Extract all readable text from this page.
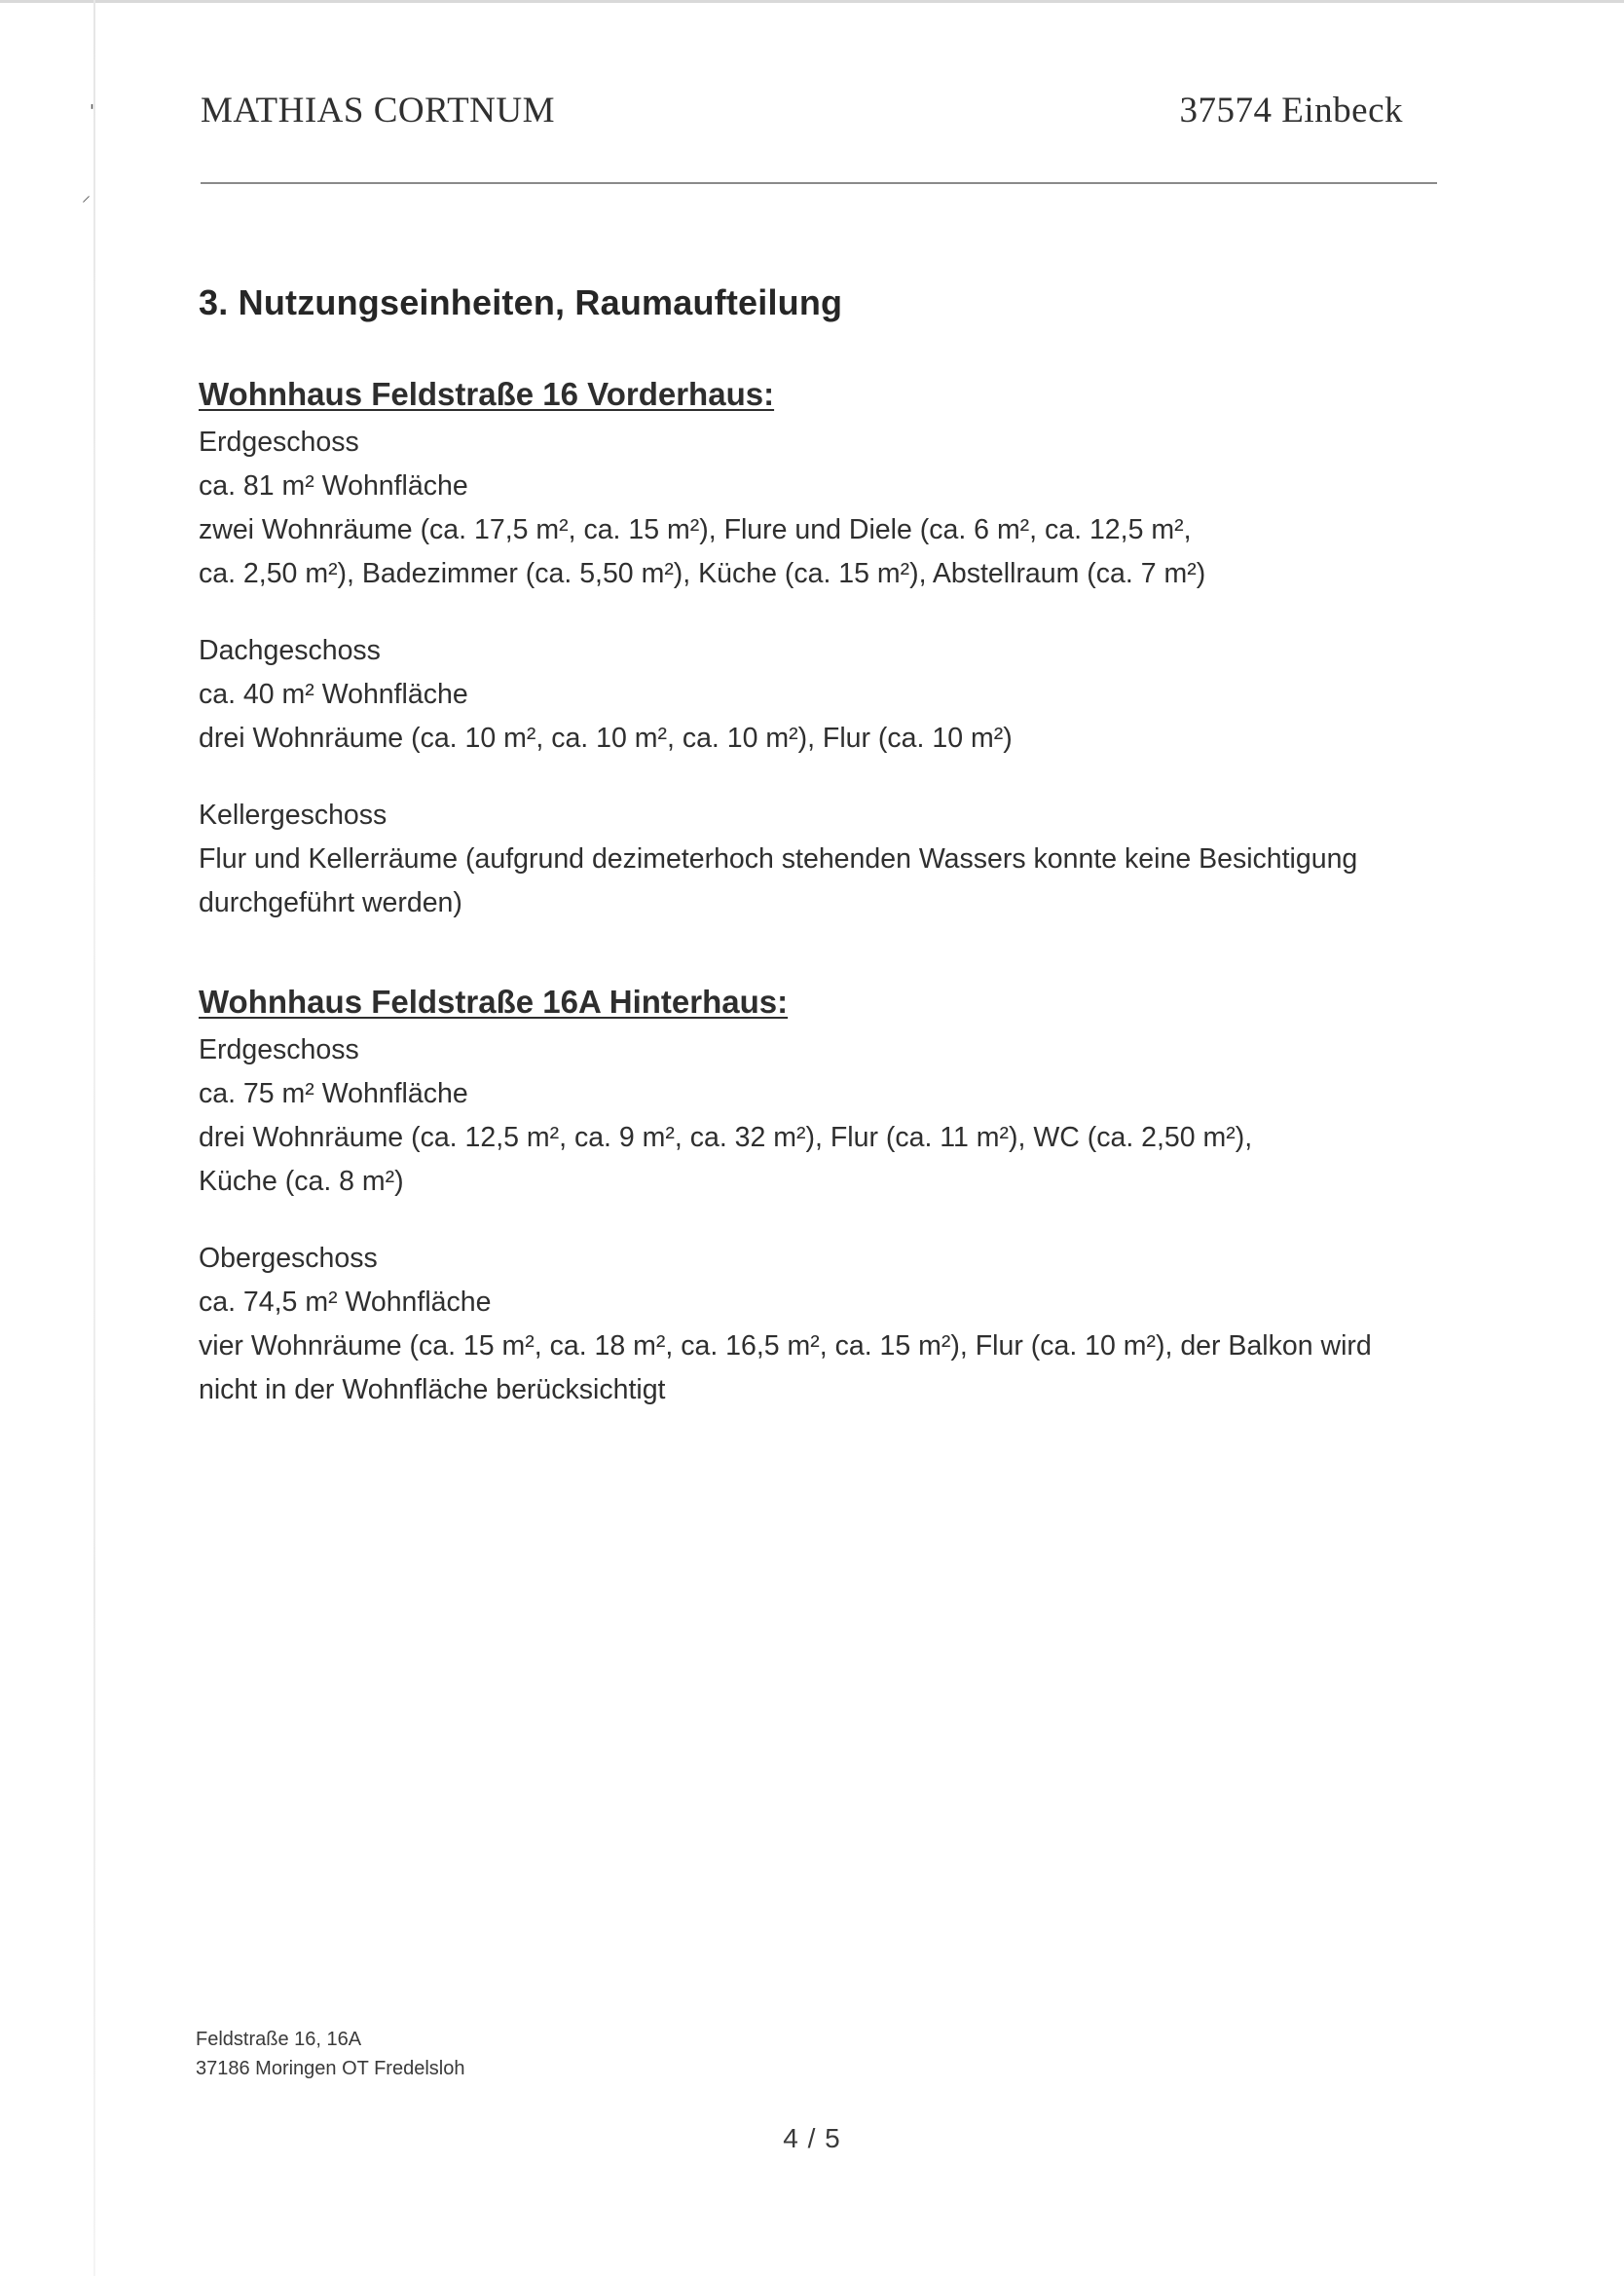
'
⸍
MATHIAS CORTNUM	37574 Einbeck
3. Nutzungseinheiten, Raumaufteilung
Wohnhaus Feldstraße 16 Vorderhaus:

Erdgeschoss

ca. 81 m² Wohnfläche

zwei Wohnräume (ca. 17,5 m², ca. 15 m²), Flure und Diele (ca. 6 m², ca. 12,5 m²,

ca. 2,50 m²), Badezimmer (ca. 5,50 m²), Küche (ca. 15 m²), Abstellraum (ca. 7 m²)

Dachgeschoss

ca. 40 m² Wohnfläche

drei Wohnräume (ca. 10 m², ca. 10 m², ca. 10 m²), Flur (ca. 10 m²)

Kellergeschoss

Flur und Kellerräume (aufgrund dezimeterhoch stehenden Wassers konnte keine Besichtigung

durchgeführt werden)

Wohnhaus Feldstraße 16A Hinterhaus:

Erdgeschoss

ca. 75 m² Wohnfläche

drei Wohnräume (ca. 12,5 m², ca. 9 m², ca. 32 m²), Flur (ca. 11 m²), WC (ca. 2,50 m²),

Küche (ca. 8 m²)

Obergeschoss

ca. 74,5 m² Wohnfläche

vier Wohnräume (ca. 15 m², ca. 18 m², ca. 16,5 m², ca. 15 m²), Flur (ca. 10 m²), der Balkon wird

nicht in der Wohnfläche berücksichtigt

Feldstraße 16, 16A

37186 Moringen OT Fredelsloh

4 / 5
